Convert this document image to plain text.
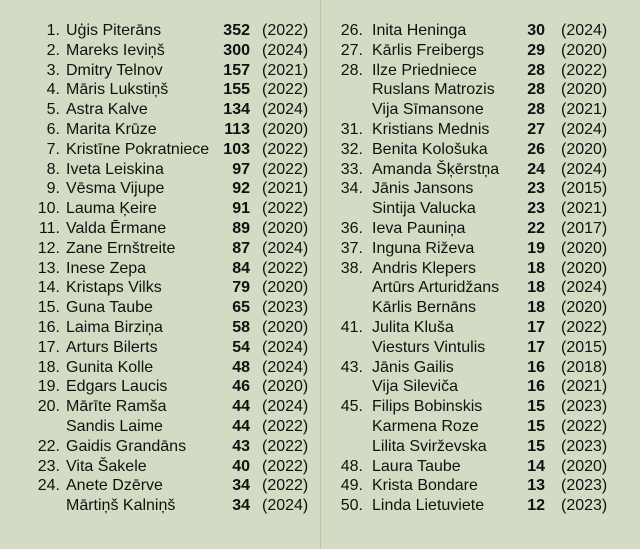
1. Uģis Piterāns	352 (2022)
2. Mareks Ieviņš	300 (2024)
3. Dmitry Telnov	157 (2021)
4. Māris Lukstiņš	155 (2022)
5. Astra Kalve	134 (2024)
6. Marita Krūze	113 (2020)
7. Kristīne Pokratniece 103 (2022)
8. Iveta Leiskina	97 (2022)
9. Vēsma Vijupe	92 (2021)
10. Lauma Ķeire	91 (2022)
11. Valda Ērmane	89 (2020)
12. Zane Ernštreite	87 (2024)
13. Inese Zepa	84 (2022)
14. Kristaps Vilks	79 (2020)
15. Guna Taube	65 (2023)
16. Laima Birziņa	58 (2020)
17. Arturs Bilerts	54 (2024)
18. Gunita Kolle	48 (2024)
19. Edgars Laucis	46 (2020)
20. Mārīte Ramša	44 (2024)
Sandis Laime	44 (2022)
22. Gaidis Grandāns	43 (2022)
23. Vita Šakele	40 (2022)
24. Anete Dzērve	34 (2022)
Mārtiņš Kalniņš	34 (2024)
26. Inita Heninga	30 (2024)
27. Kārlis Freibergs	29 (2020)
28. Ilze Priedniece	28 (2022)
Ruslans Matrozis	28 (2020)
Vija Sīmansone	28 (2021)
31. Kristians Mednis	27 (2024)
32. Benita Kološuka	26 (2020)
33. Amanda Šķērstņa	24 (2024)
34. Jānis Jansons	23 (2015)
Sintija Valucka	23 (2021)
36. Ieva Pauniņa	22 (2017)
37. Inguna Riževa	19 (2020)
38. Andris Klepers	18 (2020)
Artūrs Arturidžans	18 (2024)
Kārlis Bernāns	18 (2020)
41. Julita Kluša	17 (2022)
Viesturs Vintulis	17 (2015)
43. Jānis Gailis	16 (2018)
Vija Sileviča	16 (2021)
45. Filips Bobinskis	15 (2023)
Karmena Roze	15 (2022)
Lilita Svirževska	15 (2023)
48. Laura Taube	14 (2020)
49. Krista Bondare	13 (2023)
50. Linda Lietuviete	12 (2023)
